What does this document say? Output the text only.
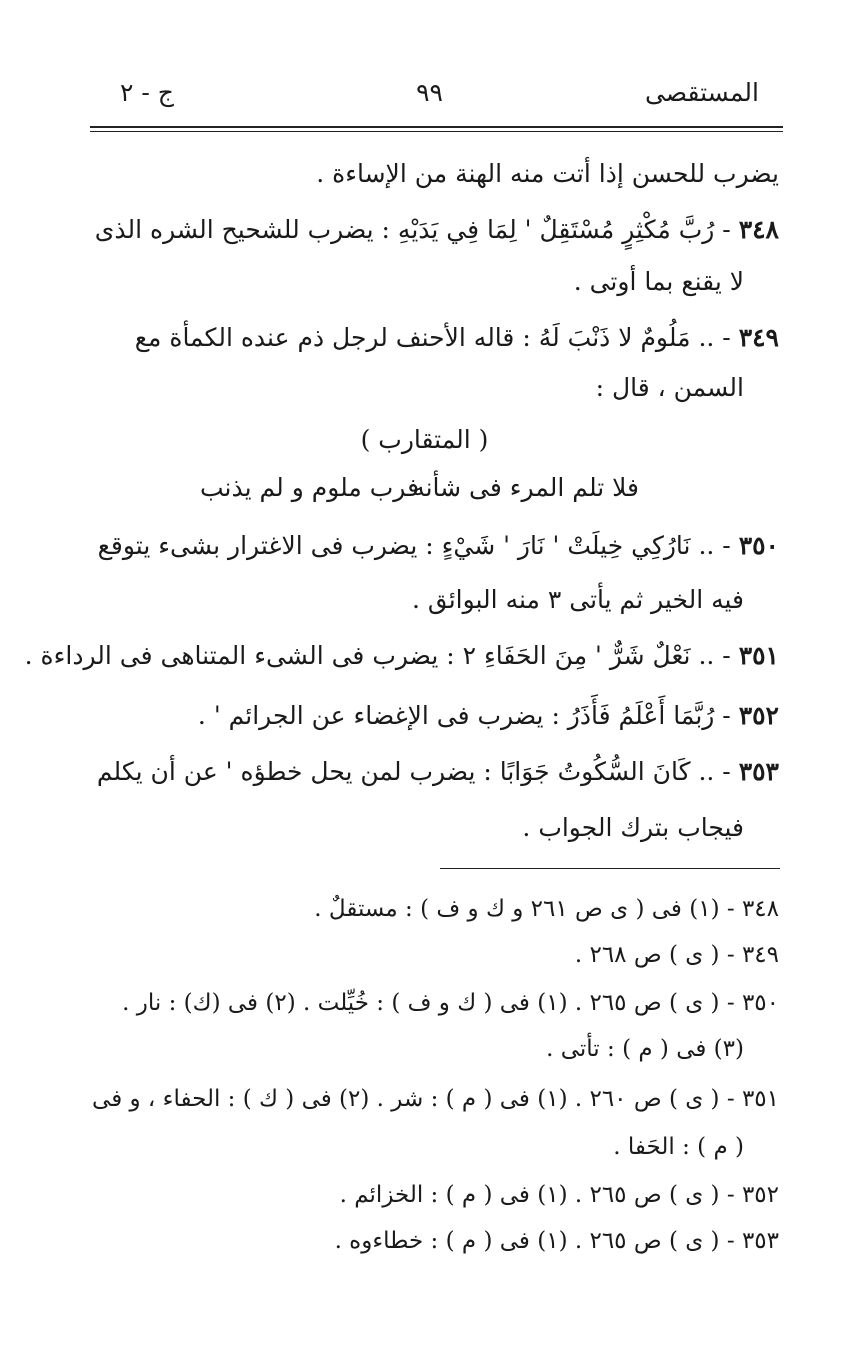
المستقصى
٩٩
ج - ٢
يضرب للحسن إذا أتت منه الهنة من الإساءة .
٣٤٨ - رُبَّ مُكْثِرٍ مُسْتَقِلٌ ' لِمَا فِي يَدَيْهِ : يضرب للشحيح الشره الذى
لا يقنع بما أوتى .
٣٤٩ - .. مَلُومٌ لا ذَنْبَ لَهُ : قاله الأحنف لرجل ذم عنده الكمأة مع
السمن ، قال :
( المتقارب )
فلا تلم المرء فى شأنه
فرب ملوم و لم يذنب
٣٥٠ - .. نَارُكِي خِيلَتْ ' نَارَ ' شَيْءٍ : يضرب فى الاغترار بشىء يتوقع
فيه الخير ثم يأتى ٣ منه البوائق .
٣٥١ - .. نَعْلٌ شَرٌّ ' مِنَ الحَفَاءِ ٢ : يضرب فى الشىء المتناهى فى الرداءة .
٣٥٢ - رُبَّمَا أَعْلَمُ فَأَذَرُ : يضرب فى الإغضاء عن الجرائم ' .
٣٥٣ - .. كَانَ السُّكُوتُ جَوَابًا : يضرب لمن يحل خطؤه ' عن أن يكلم
فيجاب بترك الجواب .
٣٤٨ - (١) فى ( ى ص ٢٦١ و ك و ف ) : مستقلٌ .
٣٤٩ - ( ى ) ص ٢٦٨ .
٣٥٠ - ( ى ) ص ٢٦٥ . (١) فى ( ك و ف ) : خُيِّلت . (٢) فى (ك) : نار .
(٣) فى ( م ) : تأتى .
٣٥١ - ( ى ) ص ٢٦٠ . (١) فى ( م ) : شر . (٢) فى ( ك ) : الحفاء ، و فى
( م ) : الحَفا .
٣٥٢ - ( ى ) ص ٢٦٥ . (١) فى ( م ) : الخزائم .
٣٥٣ - ( ى ) ص ٢٦٥ . (١) فى ( م ) : خطاءوه .
